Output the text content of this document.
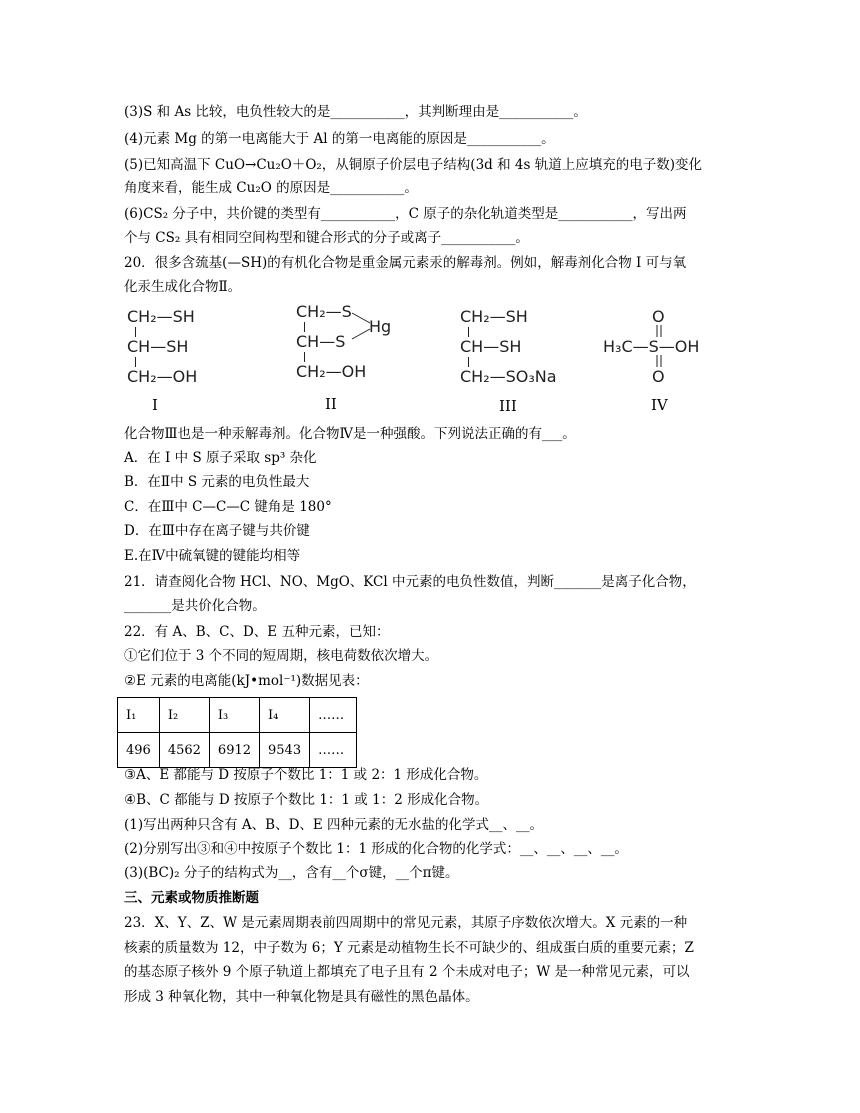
(3)S 和 As 比较，电负性较大的是___________，其判断理由是___________。
(4)元素 Mg 的第一电离能大于 Al 的第一电离能的原因是___________。
(5)已知高温下 CuO→Cu₂O＋O₂，从铜原子价层电子结构(3d 和 4s 轨道上应填充的电子数)变化
角度来看，能生成 Cu₂O 的原因是___________。
(6)CS₂ 分子中，共价键的类型有___________，C 原子的杂化轨道类型是___________，写出两
个与 CS₂ 具有相同空间构型和键合形式的分子或离子___________。
20．很多含巯基(—SH)的有机化合物是重金属元素汞的解毒剂。例如，解毒剂化合物 I 可与氧
化汞生成化合物Ⅱ。
CH₂—SH
CH—SH
CH₂—OH
I
CH₂—S
CH—S
CH₂—OH
Hg
II
CH₂—SH
CH—SH
CH₂—SO₃Na
III
O
H₃C—S—OH
O
IV
化合物Ⅲ也是一种汞解毒剂。化合物Ⅳ是一种强酸。下列说法正确的有___。
A．在 I 中 S 原子采取 sp³ 杂化
B．在Ⅱ中 S 元素的电负性最大
C．在Ⅲ中 C—C—C 键角是 180°
D．在Ⅲ中存在离子键与共价键
E.在Ⅳ中硫氧键的键能均相等
21．请查阅化合物 HCl、NO、MgO、KCl 中元素的电负性数值，判断_______是离子化合物，
_______是共价化合物。
22．有 A、B、C、D、E 五种元素，已知：
①它们位于 3 个不同的短周期，核电荷数依次增大。
②E 元素的电离能(kJ•mol⁻¹)数据见表：
I₁	I₂	I₃	I₄	……
496	4562	6912	9543	……
③A、E 都能与 D 按原子个数比 1：1 或 2：1 形成化合物。
④B、C 都能与 D 按原子个数比 1：1 或 1：2 形成化合物。
(1)写出两种只含有 A、B、D、E 四种元素的无水盐的化学式__、__。
(2)分别写出③和④中按原子个数比 1：1 形成的化合物的化学式：__、__、__、__。
(3)(BC)₂ 分子的结构式为__，含有__个σ键，__个π键。
三、元素或物质推断题
23．X、Y、Z、W 是元素周期表前四周期中的常见元素，其原子序数依次增大。X 元素的一种
核素的质量数为 12，中子数为 6；Y 元素是动植物生长不可缺少的、组成蛋白质的重要元素；Z
的基态原子核外 9 个原子轨道上都填充了电子且有 2 个未成对电子；W 是一种常见元素，可以
形成 3 种氧化物，其中一种氧化物是具有磁性的黑色晶体。
